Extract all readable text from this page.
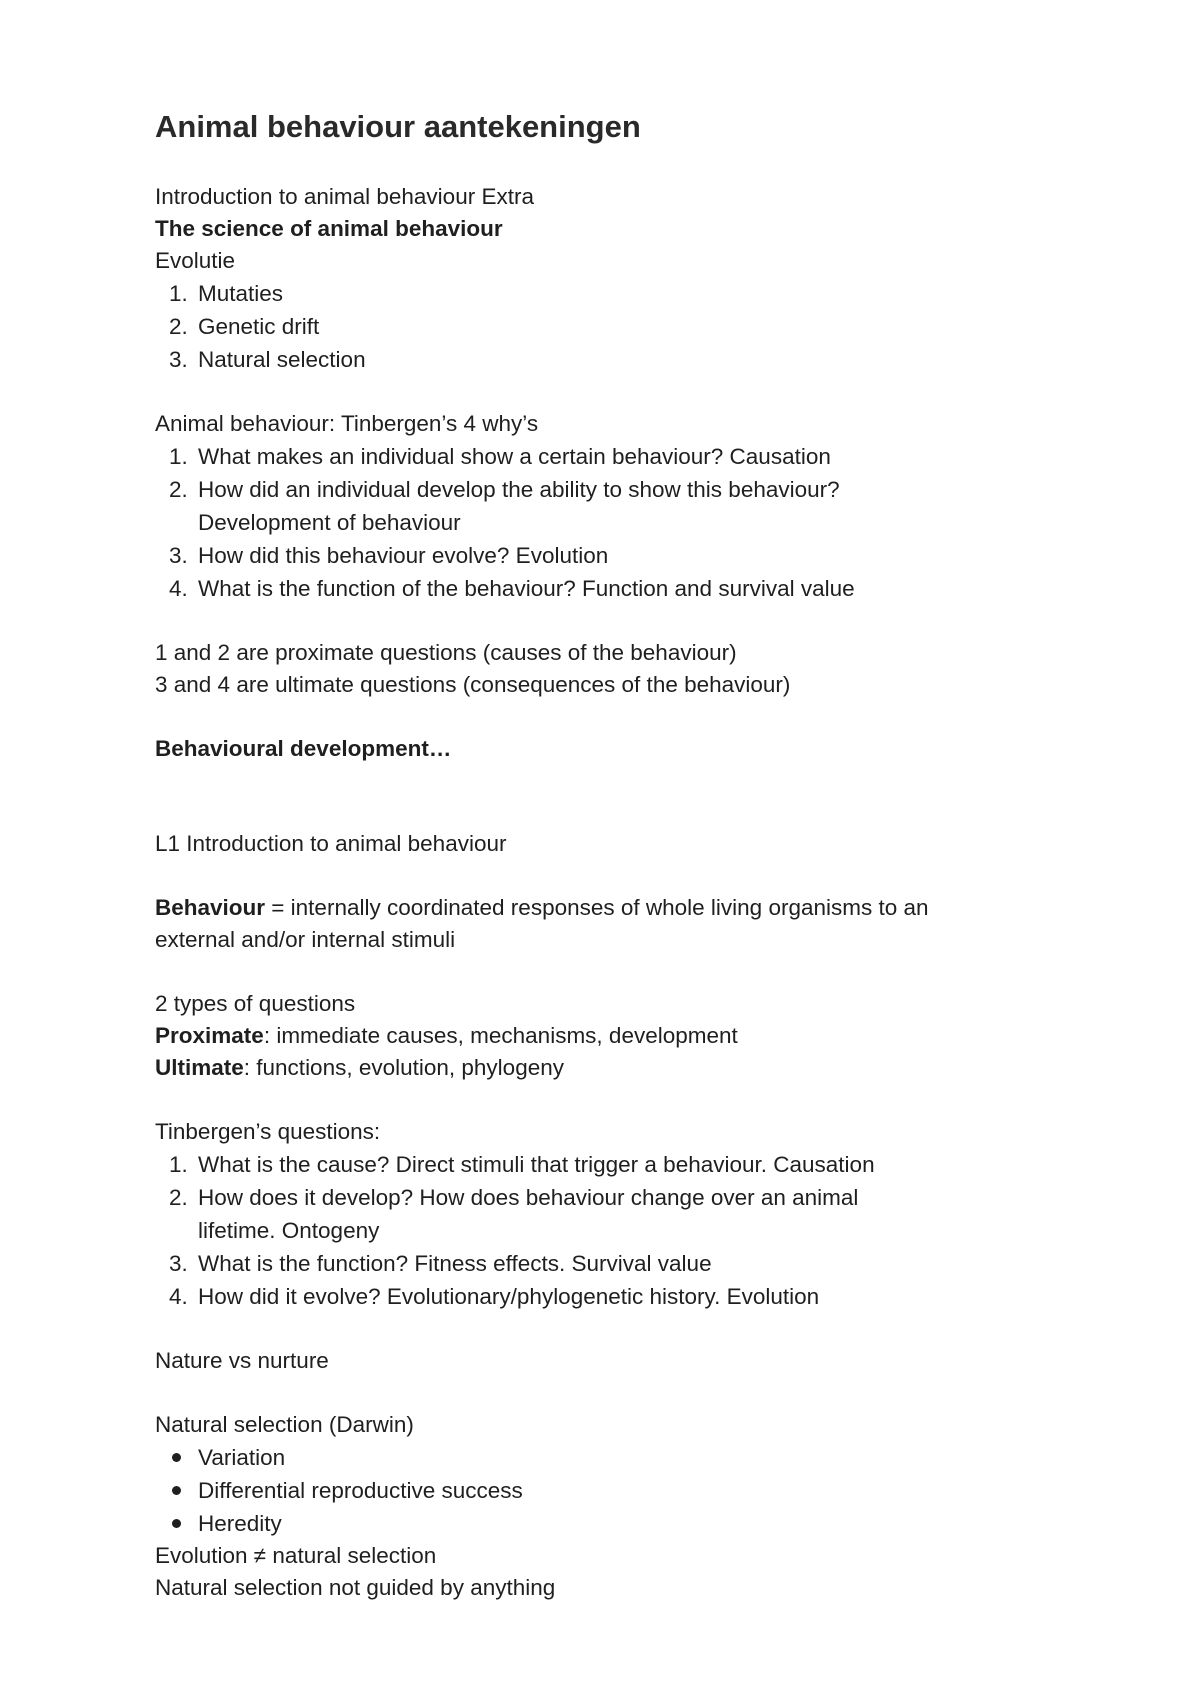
Animal behaviour aantekeningen

Introduction to animal behaviour Extra

The science of animal behaviour

Evolutie

1. Mutaties
2. Genetic drift
3. Natural selection

Animal behaviour: Tinbergen’s 4 why’s

1. What makes an individual show a certain behaviour? Causation
2. How did an individual develop the ability to show this behaviour?
Development of behaviour
3. How did this behaviour evolve? Evolution
4. What is the function of the behaviour? Function and survival value

1 and 2 are proximate questions (causes of the behaviour)

3 and 4 are ultimate questions (consequences of the behaviour)

Behavioural development…

L1 Introduction to animal behaviour

Behaviour = internally coordinated responses of whole living organisms to an

external and/or internal stimuli

2 types of questions

Proximate: immediate causes, mechanisms, development

Ultimate: functions, evolution, phylogeny

Tinbergen’s questions:

1. What is the cause? Direct stimuli that trigger a behaviour. Causation
2. How does it develop? How does behaviour change over an animal
lifetime. Ontogeny
3. What is the function? Fitness effects. Survival value
4. How did it evolve? Evolutionary/phylogenetic history. Evolution

Nature vs nurture

Natural selection (Darwin)

Variation
Differential reproductive success
Heredity

Evolution ≠ natural selection

Natural selection not guided by anything
